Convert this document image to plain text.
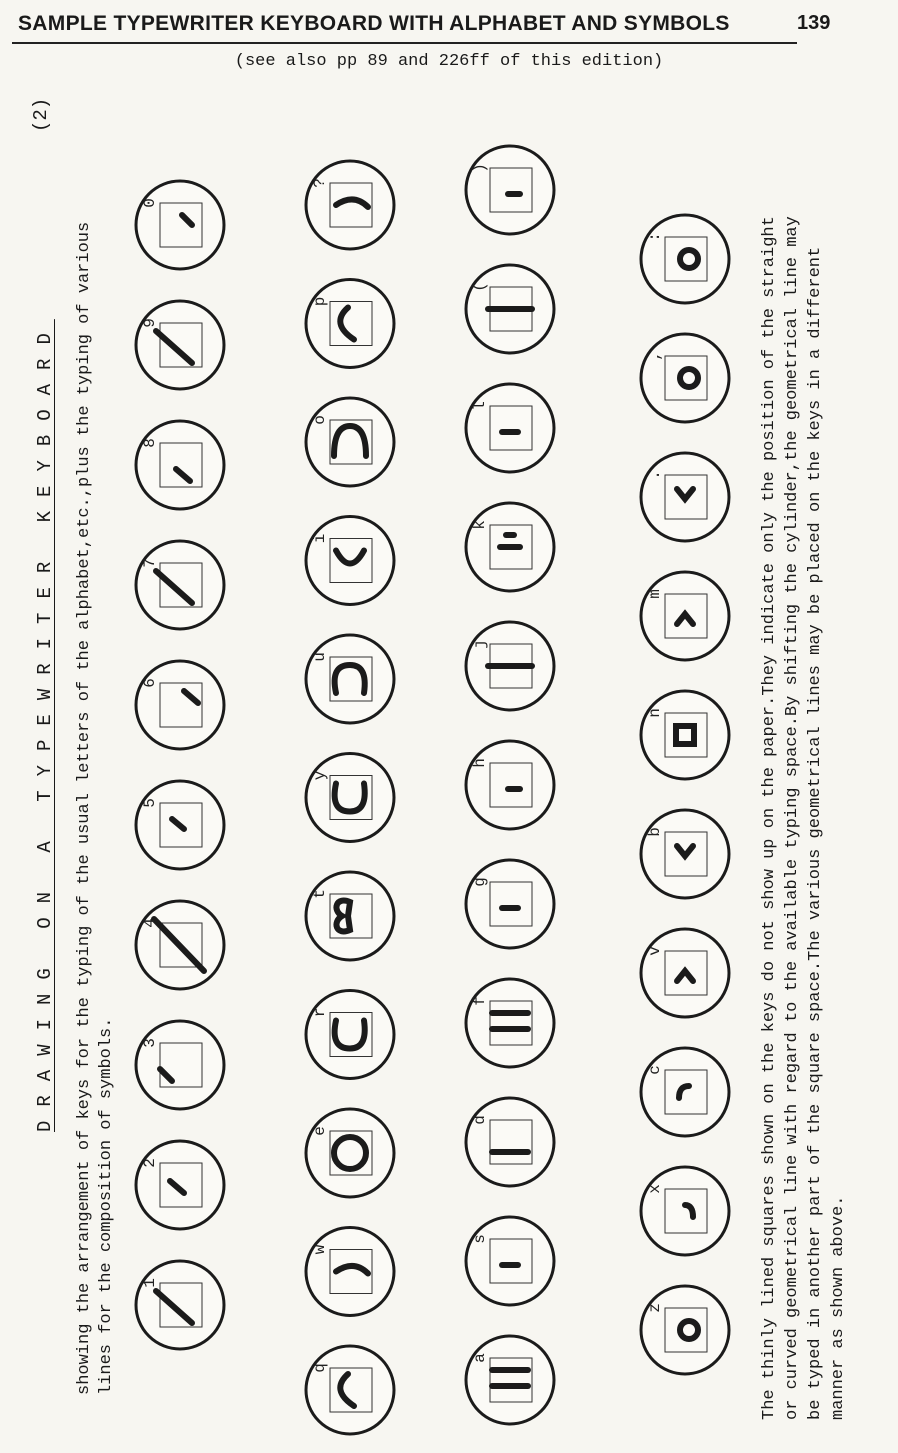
SAMPLE TYPEWRITER KEYBOARD WITH ALPHABET AND SYMBOLS	139
(see also pp 89 and 226ff of this edition)

(2)

DRAWING ON A TYPEWRITER KEYBOARD showing the arrangement of keys for the typing of the usual letters of the alphabet,etc.,plus the typing of various lines for the composition of symbols.	The thinly lined squares shown on the keys do not show up on the paper.They indicate only the position of the straight or curved geometrical line with regard to the available typing space.By shifting the cylinder,the geometrical line may be typed in another part of the square space.The various geometrical lines may be placed on the keys in a different manner as shown above.
1
2
3
4
5
6
7
8
9
0
q
w
e
r
t
y
u
i
o
p
?
a
s
d
f
g
h
j
k
l
(
)
z
x
c
v
b
n
m
.
,
:
